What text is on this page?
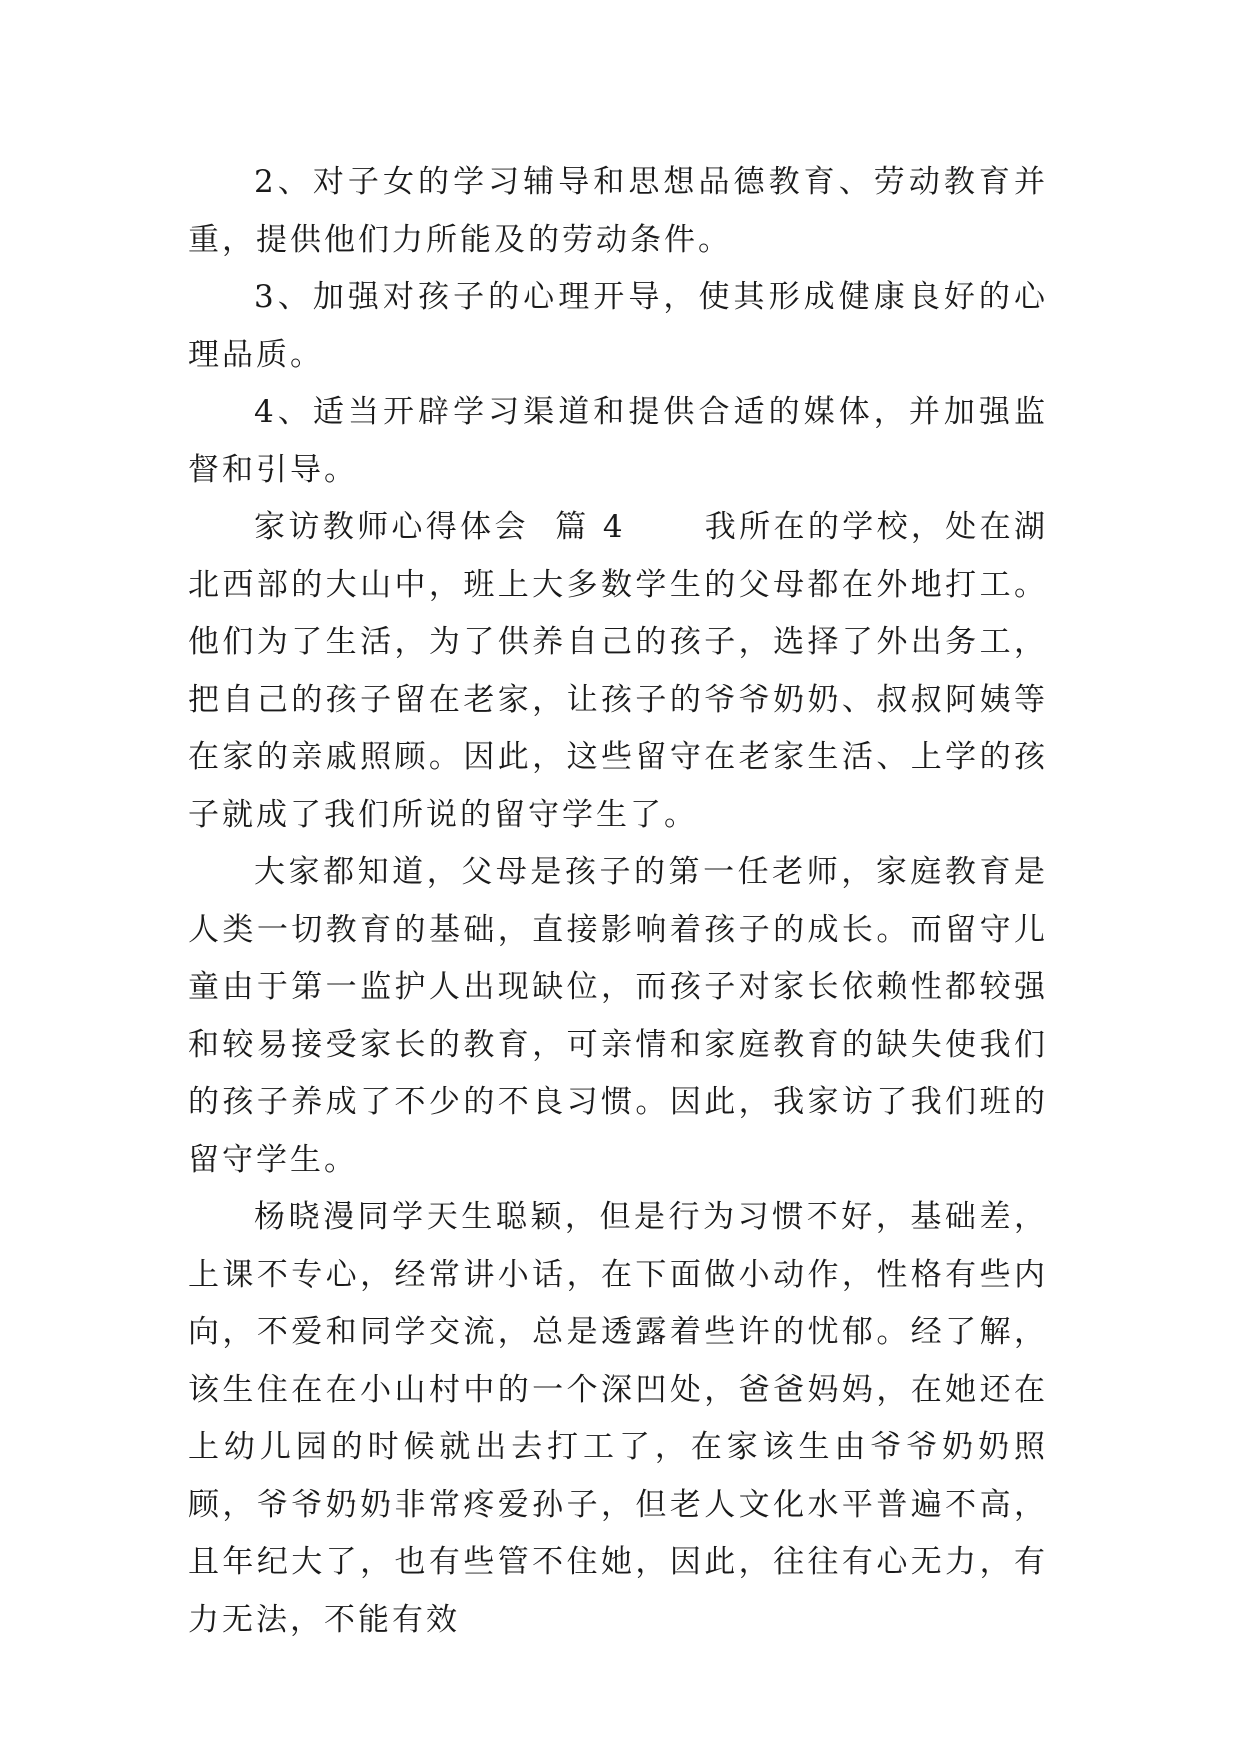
2、对子女的学习辅导和思想品德教育、劳动教育并重，提供他们力所能及的劳动条件。

3、加强对孩子的心理开导，使其形成健康良好的心理品质。

4、适当开辟学习渠道和提供合适的媒体，并加强监督和引导。

家访教师心得体会  篇 4      我所在的学校，处在湖北西部的大山中，班上大多数学生的父母都在外地打工。他们为了生活，为了供养自己的孩子，选择了外出务工，把自己的孩子留在老家，让孩子的爷爷奶奶、叔叔阿姨等在家的亲戚照顾。因此，这些留守在老家生活、上学的孩子就成了我们所说的留守学生了。

大家都知道，父母是孩子的第一任老师，家庭教育是人类一切教育的基础，直接影响着孩子的成长。而留守儿童由于第一监护人出现缺位，而孩子对家长依赖性都较强和较易接受家长的教育，可亲情和家庭教育的缺失使我们的孩子养成了不少的不良习惯。因此，我家访了我们班的留守学生。

杨晓漫同学天生聪颖，但是行为习惯不好，基础差，上课不专心，经常讲小话，在下面做小动作，性格有些内向，不爱和同学交流，总是透露着些许的忧郁。经了解，该生住在在小山村中的一个深凹处，爸爸妈妈，在她还在上幼儿园的时候就出去打工了，在家该生由爷爷奶奶照顾，爷爷奶奶非常疼爱孙子，但老人文化水平普遍不高，且年纪大了，也有些管不住她，因此，往往有心无力，有力无法，不能有效
